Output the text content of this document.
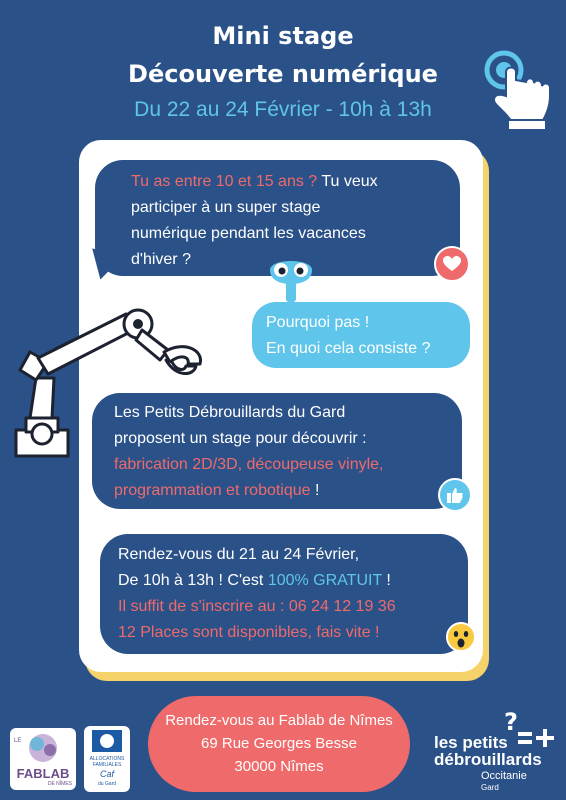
Mini stage
Découverte numérique
Du 22 au 24 Février - 10h à 13h
Tu as entre 10 et 15 ans ? Tu veux
participer à un super stage
numérique pendant les vacances
d'hiver ?
Pourquoi pas !
En quoi cela consiste ?
Les Petits Débrouillards du Gard
proposent un stage pour découvrir :
fabrication 2D/3D, découpeuse vinyle,
programmation et robotique !
Rendez-vous du 21 au 24 Février,
De 10h à 13h ! C'est 100% GRATUIT !
Il suffit de s'inscrire au : 06 24 12 19 36
12 Places sont disponibles, fais vite !
Rendez-vous au Fablab de Nîmes
69 Rue Georges Besse
30000 Nîmes
LE
FABLAB
DE NÎMES
ALLOCATIONS
FAMILIALES
Caf
du Gard
?
les petits
débrouillards
Occitanie
Gard
